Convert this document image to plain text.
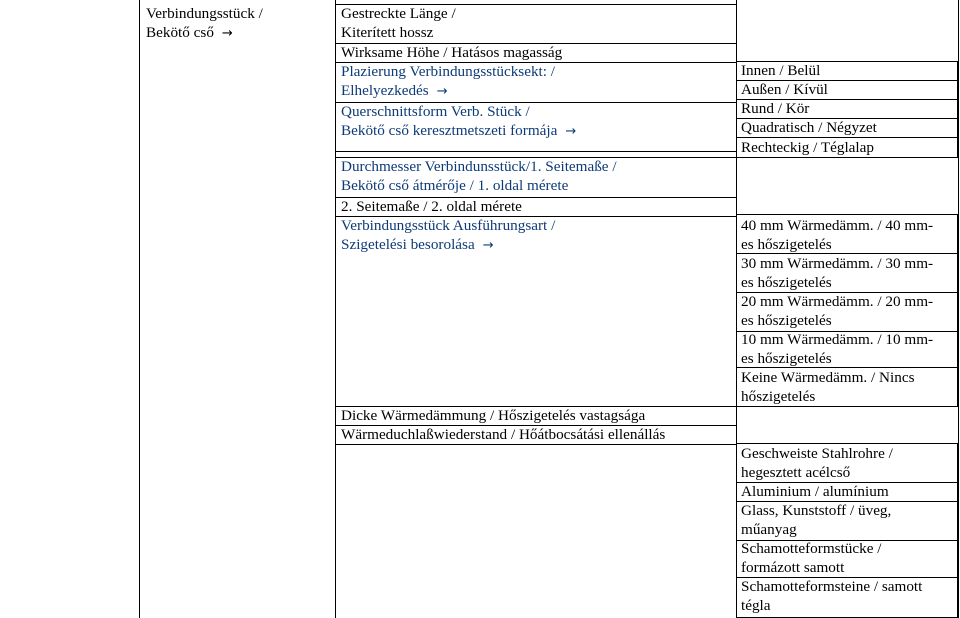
Verbindungsstück /
Bekötő cső →
Gestreckte Länge /
Kiterített hossz
Wirksame Höhe / Hatásos magasság
Plazierung Verbindungsstücksekt: /
Elhelyezkedés →
Querschnittsform Verb. Stück /
Bekötő cső keresztmetszeti formája →
Durchmesser Verbindunsstück/1. Seitemaße /
Bekötő cső átmérője / 1. oldal mérete
2. Seitemaße / 2. oldal mérete
Verbindungsstück Ausführungsart /
Szigetelési besorolása →
Dicke Wärmedämmung / Hőszigetelés vastagsága
Wärmeduchlaßwiederstand / Hőátbocsátási ellenállás
Innen / Belül
Außen / Kívül
Rund / Kör
Quadratisch / Négyzet
Rechteckig / Téglalap
40 mm Wärmedämm. / 40 mm-
es hőszigetelés
30 mm Wärmedämm. / 30 mm-
es hőszigetelés
20 mm Wärmedämm. / 20 mm-
es hőszigetelés
10 mm Wärmedämm. / 10 mm-
es hőszigetelés
Keine Wärmedämm. / Nincs
hőszigetelés
Geschweiste Stahlrohre /
hegesztett acélcső
Aluminium / alumínium
Glass, Kunststoff / üveg,
műanyag
Schamotteformstücke /
formázott samott
Schamotteformsteine / samott
tégla
